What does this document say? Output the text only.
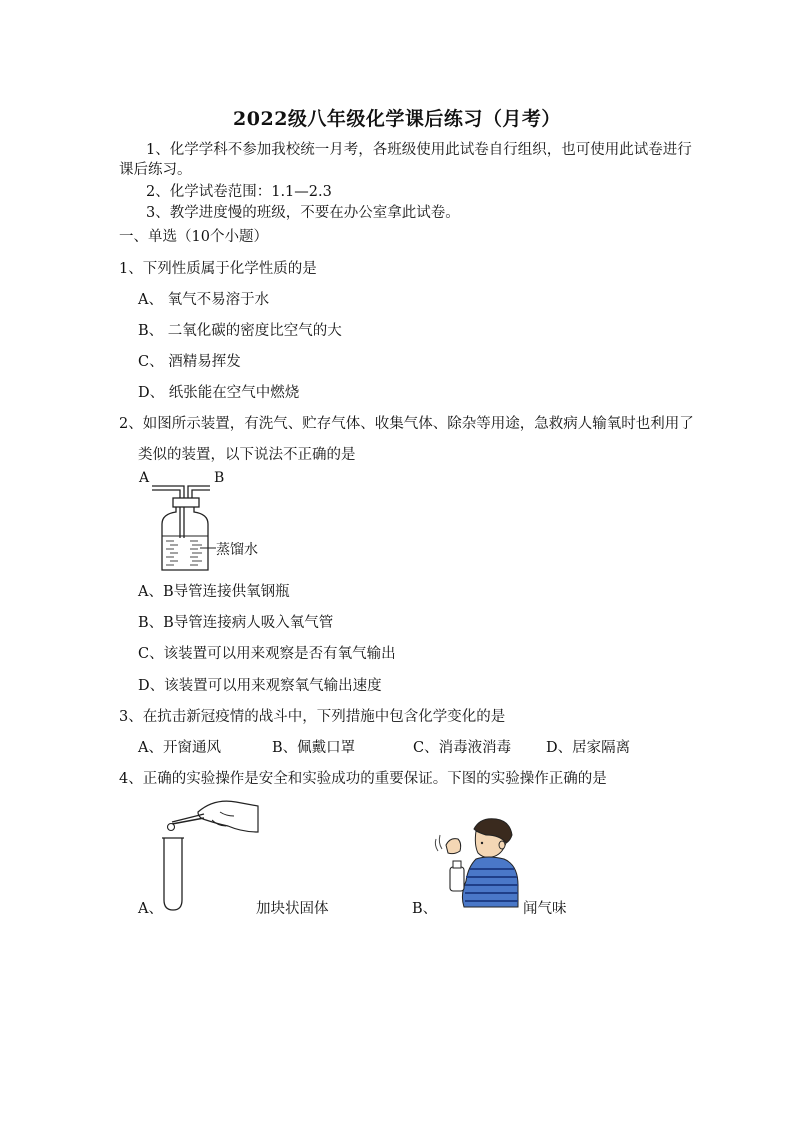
2022级八年级化学课后练习（月考）
1、化学学科不参加我校统一月考，各班级使用此试卷自行组织，也可使用此试卷进行
课后练习。
2、化学试卷范围：1.1—2.3
3、教学进度慢的班级，不要在办公室拿此试卷。
一、单选（10个小题）
1、下列性质属于化学性质的是
A、 氧气不易溶于水
B、 二氧化碳的密度比空气的大
C、 酒精易挥发
D、 纸张能在空气中燃烧
2、如图所示装置，有洗气、贮存气体、收集气体、除杂等用途，急救病人输氧时也利用了
类似的装置，以下说法不正确的是
A	B
蒸馏水
A、B导管连接供氧钢瓶
B、B导管连接病人吸入氧气管
C、该装置可以用来观察是否有氧气输出
D、该装置可以用来观察氧气输出速度
3、在抗击新冠疫情的战斗中，下列措施中包含化学变化的是
A、开窗通风	B、佩戴口罩	C、消毒液消毒 D、居家隔离
4、正确的实验操作是安全和实验成功的重要保证。下图的实验操作正确的是
A、	加块状固体	B、	闻气味
